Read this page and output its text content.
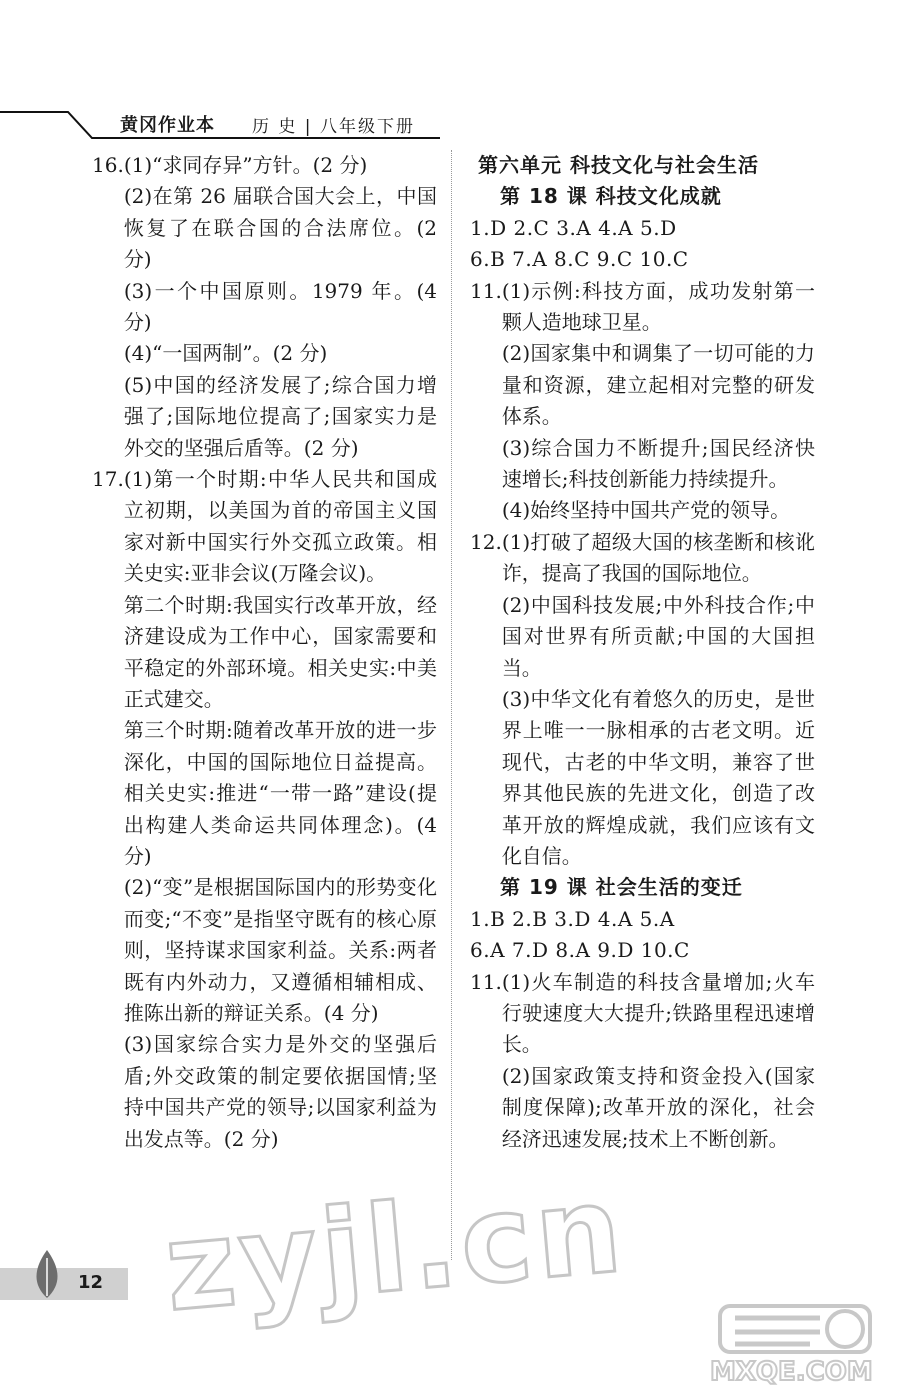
黄冈作业本 历 史 | 八年级下册
16. (1)“求同存异”方针。(2 分)

(2)在第 26 届联合国大会上，中国恢复了在联合国的合法席位。(2 分)

(3)一个中国原则。1979 年。(4 分)

(4)“一国两制”。(2 分)

(5)中国的经济发展了;综合国力增强了;国际地位提高了;国家实力是外交的坚强后盾等。(2 分)

17. (1)第一个时期:中华人民共和国成立初期，以美国为首的帝国主义国家对新中国实行外交孤立政策。相关史实:亚非会议(万隆会议)。

第二个时期:我国实行改革开放，经济建设成为工作中心，国家需要和平稳定的外部环境。相关史实:中美正式建交。

第三个时期:随着改革开放的进一步深化，中国的国际地位日益提高。相关史实:推进“一带一路”建设(提出构建人类命运共同体理念)。(4 分)

(2)“变”是根据国际国内的形势变化而变;“不变”是指坚守既有的核心原则，坚持谋求国家利益。关系:两者既有内外动力，又遵循相辅相成、推陈出新的辩证关系。(4 分)

(3)国家综合实力是外交的坚强后盾;外交政策的制定要依据国情;坚持中国共产党的领导;以国家利益为出发点等。(2 分)

第六单元 科技文化与社会生活
第 18 课 科技文化成就
1.D 2.C 3.A 4.A 5.D
6.B 7.A 8.C 9.C 10.C
11. (1)示例:科技方面，成功发射第一颗人造地球卫星。

(2)国家集中和调集了一切可能的力量和资源，建立起相对完整的研发体系。

(3)综合国力不断提升;国民经济快速增长;科技创新能力持续提升。

(4)始终坚持中国共产党的领导。

12. (1)打破了超级大国的核垄断和核讹诈，提高了我国的国际地位。

(2)中国科技发展;中外科技合作;中国对世界有所贡献;中国的大国担当。

(3)中华文化有着悠久的历史，是世界上唯一一脉相承的古老文明。近现代，古老的中华文明，兼容了世界其他民族的先进文化，创造了改革开放的辉煌成就，我们应该有文化自信。

第 19 课 社会生活的变迁
1.B 2.B 3.D 4.A 5.A
6.A 7.D 8.A 9.D 10.C
11. (1)火车制造的科技含量增加;火车行驶速度大大提升;铁路里程迅速增长。

(2)国家政策支持和资金投入(国家制度保障);改革开放的深化，社会经济迅速发展;技术上不断创新。

12 zyjl.cn
MXQE.COM
